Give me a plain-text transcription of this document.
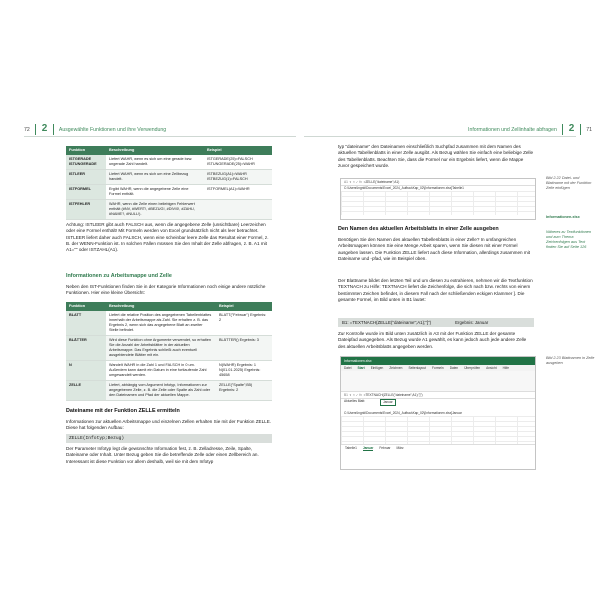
72 2 Ausgewählte Funktionen und ihre Verwendung
Funktion	Beschreibung	Beispiel
ISTGERADE ISTUNGERADE	Liefert WAHR, wenn es sich um eine gerade bzw. ungerade Zahl handelt.	ISTGERADE(25)=FALSCH ISTUNGERADE(25)=WAHR
ISTLEER	Liefert WAHR, wenn es sich um eine Zellbezug handelt.	ISTBEZUG(A1)=WAHR ISTBEZUG(1)=FALSCH
ISTFORMEL	Ergibt WAHR, wenn die angegebene Zelle eine Formel enthält.	ISTFORMEL(A1)=WAHR
ISTFEHLER	WAHR, wenn die Zelle einen beliebigen Fehlerwert enthält (#NV, #WERT!, #BEZUG!, #DIV/0!, #ZAHL!, #NAME?, #NULL!).	
Achtung: ISTLEER gibt auch FALSCH aus, wenn die angegebene Zelle (unsichtbare) Leerzeichen oder eine Formel enthält! Mit Formeln werden von Excel grundsätzlich nicht als leer betrachtet. ISTLEER liefert daher auch FALSCH, wenn eine scheinbar leere Zelle das Resultat einer Formel, z. B. der WENN-Funktion ist. In solchen Fällen müssen Sie den Inhalt der Zelle abfragen, z. B. A1 mit A1="" oder ISTZAHL(A1).
Informationen zu Arbeitsmappe und Zelle
Neben den IST-Funktionen finden Sie in der Kategorie Informationen noch einige andere nützliche Funktionen. Hier eine kleine Übersicht:
Funktion	Beschreibung	Beispiel
BLATT	Liefert die relative Position des angegebenen Tabellenblattes innerhalb der Arbeitsmappe als Zahl. Sie erhalten z. B. das Ergebnis 2, wenn sich das angegebene Blatt an zweiter Stelle befindet.	BLATT("Februar") Ergebnis: 2
BLÄTTER	Wird diese Funktion ohne Argumente verwendet, so erhalten Sie die Anzahl der Arbeitsblätter in der aktuellen Arbeitsmappe. Das Ergebnis schließt auch eventuell ausgeblendete Blätter mit ein.	BLÄTTER() Ergebnis: 3
N	Wandelt WAHR in die Zahl 1 und FALSCH in 0 um. Außerdem kann damit ein Datum in eine fortlaufende Zahl umgewandelt werden.	N(WAHR) Ergebnis: 1 N(01.01.2025) Ergebnis: 45658
ZELLE	Liefert, abhängig vom Argument Infotyp, Informationen zur angegebenen Zelle, z. B. die Zelle oder Spalte als Zahl oder den Dateinamen und Pfad der aktuellen Mappe.	ZELLE("Spalte";B5) Ergebnis: 2
Dateiname mit der Funktion ZELLE ermitteln
Informationen zur aktuellen Arbeitsmappe und einzelnen Zellen erhalten Sie mit der Funktion ZELLE. Diese hat folgenden Aufbau:
ZELLE(Infotyp;Bezug)
Der Parameter Infotyp legt die gewünschte Information fest, z. B. Zelladresse, Zeile, Spalte, Dateiname oder Inhalt. Unter Bezug geben Sie die betreffende Zelle oder einen Zellbereich an. Interessant ist diese Funktion vor allem deshalb, weil sie mit dem Infotyp
Informationen und Zellinhalte abfragen 2 71
typ "dateiname" den Dateinamen einschließlich Suchpfad zusammen mit dem Namen des aktuellen Tabellenblatts in einer Zelle ausgibt. Als Bezug wählen Sie einfach eine beliebige Zelle des Tabellenblatts. Beachten Sie, dass die Formel nur ein Ergebnis liefert, wenn die Mappe zuvor gespeichert wurde.
A1  ▾  × ✓ fx  =ZELLE("dateiname";A1)
C:\Users\Ingrid\Documents\Excel_2024_Aufbau\Kap_02\[Informationen.xlsx]Tabelle1
Bild 2.22 Datei- und Blattname mit der Funktion Zelle einfügen
Informationen.xlsx
Den Namen des aktuellen Arbeitsblatts in einer Zelle ausgeben
Benötigen Sie den Namen des aktuellen Tabellenblatts in einer Zelle? In umfangreichen Arbeitsmappen können Sie eine Menge Arbeit sparen, wenn Sie diesen mit einer Formel ausgeben lassen. Die Funktion ZELLE liefert auch diese Information, allerdings zusammen mit Dateiname und -pfad, wie im Beispiel oben.
Näheres zu Textfunktionen und zum Thema Zeichenfolgen aus Text finden Sie auf Seite 126
Der Blattname bildet den letzten Teil und um diesen zu extrahieren, nehmen wir die Textfunktion TEXTNACH zu Hilfe: TEXTNACH liefert die Zeichenfolge, die sich nach bzw. rechts von einem bestimmten Zeichen befindet, in diesem Fall nach der schließenden eckigen Klammer ]. Die gesamte Formel, im Bild unten in B1 lautet:
B1: =TEXTNACH(ZELLE("dateiname";A1);"]")	Ergebnis: Januar
Zur Kontrolle wurde im Bild unten zusätzlich in A3 mit der Funktion ZELLE der gesamte Dateipfad ausgegeben. Als Bezug wurde A1 gewählt, es kann jedoch auch jede andere Zelle des aktuellen Arbeitsblatts angegeben werden.
Informationen.xlsx
Datei Start Einfügen Zeichnen Seitenlayout Formeln Daten Überprüfen Ansicht Hilfe
B1  ▾  × ✓ fx  =TEXTNACH(ZELLE("dateiname";A1);"]")
Aktuelles Blatt:	Januar
C:\Users\Ingrid\Documents\Excel_2024_Aufbau\Kap_02\[Informationen.xlsx]Januar
Tabelle1 Januar Februar März
Bild 2.23 Blattnamen in Zelle ausgeben
